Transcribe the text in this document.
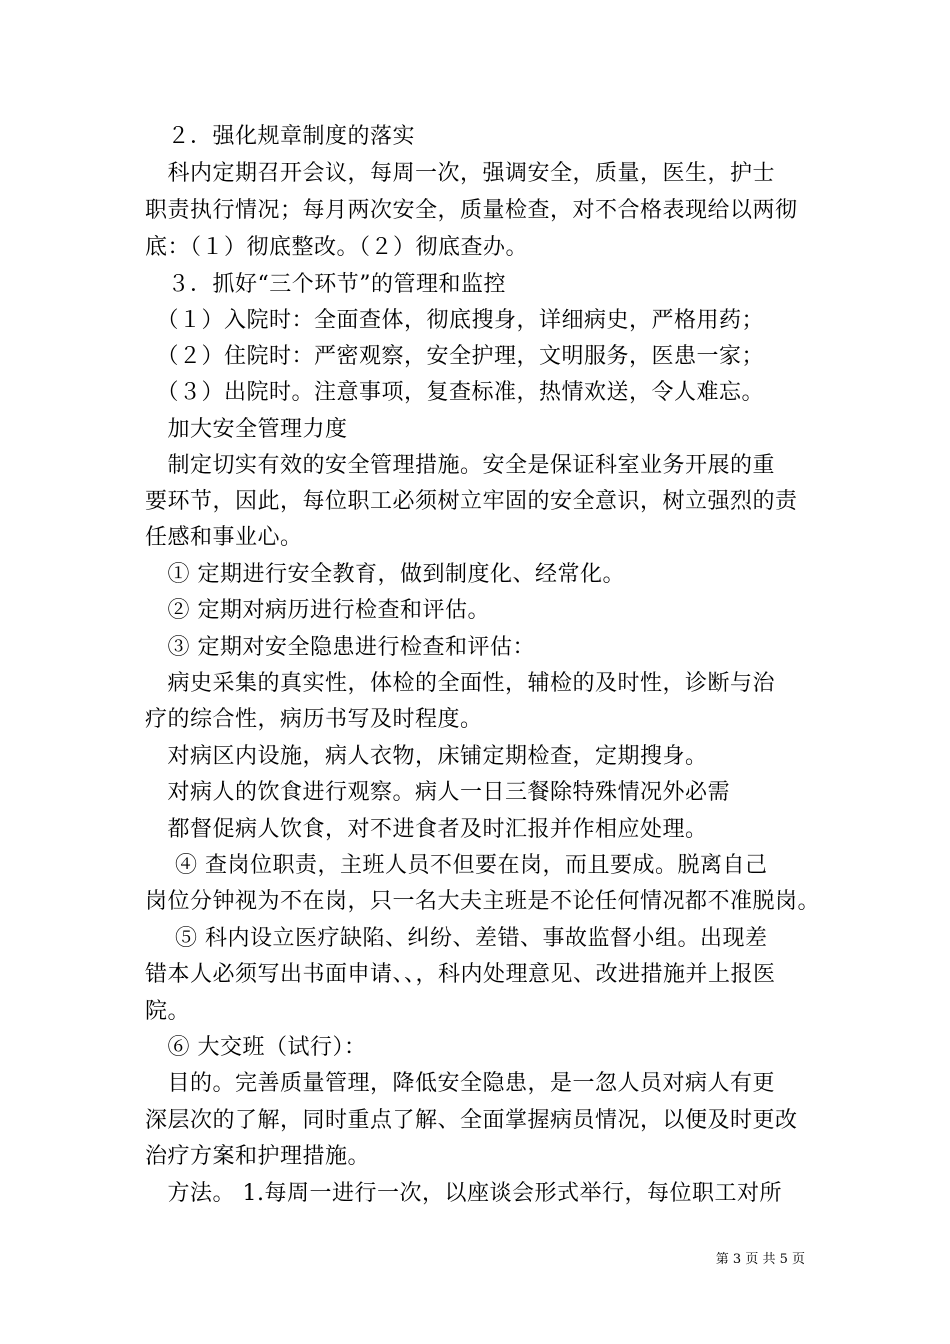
　２．强化规章制度的落实
　科内定期召开会议，每周一次，强调安全，质量，医生，护士
职责执行情况；每月两次安全，质量检查，对不合格表现给以两彻
底：（１）彻底整改。（２）彻底查办。
　３．抓好“三个环节”的管理和监控
　（１）入院时：全面查体，彻底搜身，详细病史，严格用药；
　（２）住院时：严密观察，安全护理，文明服务，医患一家；
　（３）出院时。注意事项，复查标准，热情欢送，令人难忘。
　加大安全管理力度
　制定切实有效的安全管理措施。安全是保证科室业务开展的重
要环节，因此，每位职工必须树立牢固的安全意识，树立强烈的责
任感和事业心。
　① 定期进行安全教育，做到制度化、经常化。
　② 定期对病历进行检查和评估。
　③ 定期对安全隐患进行检查和评估：
　病史采集的真实性，体检的全面性，辅检的及时性，诊断与治
疗的综合性，病历书写及时程度。
　对病区内设施，病人衣物，床铺定期检查，定期搜身。
　对病人的饮食进行观察。病人一日三餐除特殊情况外必需
　都督促病人饮食，对不进食者及时汇报并作相应处理。
　 ④ 查岗位职责，主班人员不但要在岗，而且要成。脱离自己
岗位分钟视为不在岗，只一名大夫主班是不论任何情况都不准脱岗。
　 ⑤ 科内设立医疗缺陷、纠纷、差错、事故监督小组。出现差
错本人必须写出书面申请、、，科内处理意见、改进措施并上报医
院。
　⑥ 大交班（试行）：
　目的。完善质量管理，降低安全隐患，是一忽人员对病人有更
深层次的了解，同时重点了解、全面掌握病员情况，以便及时更改
治疗方案和护理措施。
　方法。 1.每周一进行一次，以座谈会形式举行，每位职工对所
第 3 页 共 5 页
